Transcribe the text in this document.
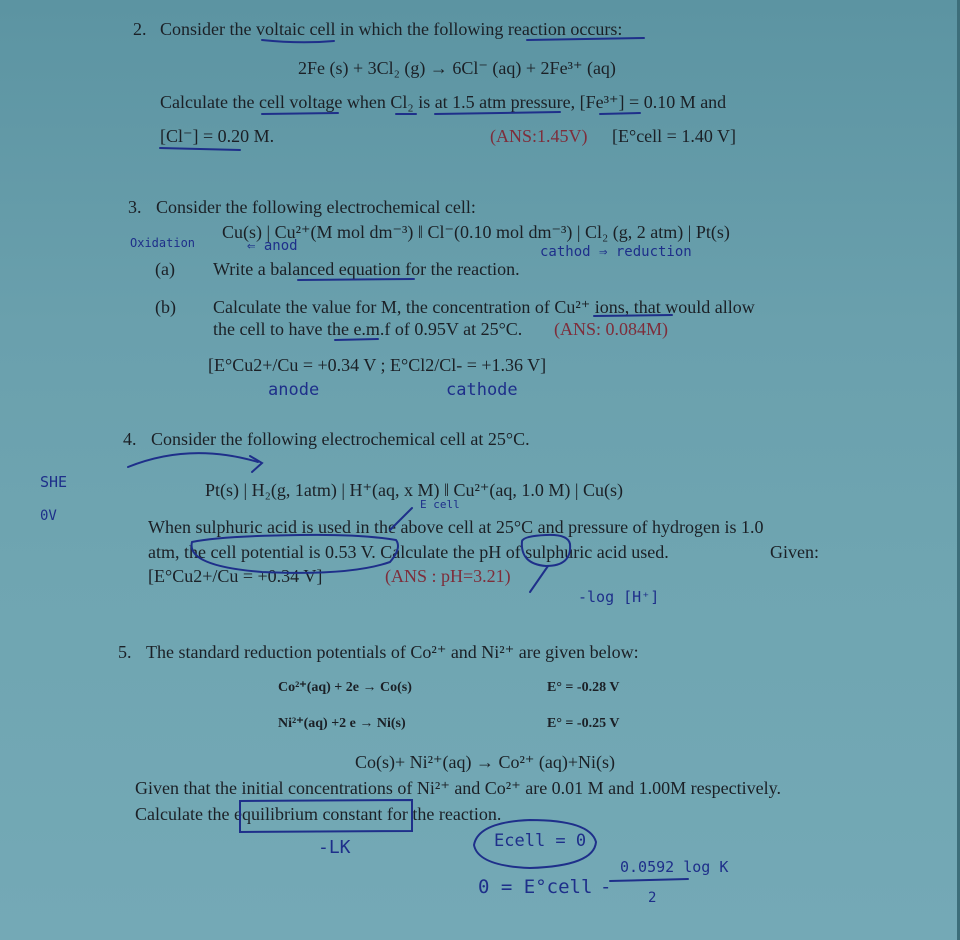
2. Consider the voltaic cell in which the following reaction occurs:
2Fe (s) + 3Cl₂ (g) → 6Cl⁻ (aq) + 2Fe³⁺ (aq)
Calculate the cell voltage when Cl₂ is at 1.5 atm pressure, [Fe³⁺] = 0.10 M and
[Cl⁻] = 0.20 M.	(ANS:1.45V) [E°cell = 1.40 V]
3. Consider the following electrochemical cell:
Oxidation
Cu(s) | Cu²⁺(M mol dm⁻³) ‖ Cl⁻(0.10 mol dm⁻³) | Cl₂ (g, 2 atm) | Pt(s)
⇐ anod	cathod ⇒ reduction
(a) Write a balanced equation for the reaction.
(b) Calculate the value for M, the concentration of Cu²⁺ ions, that would allow
the cell to have the e.m.f of 0.95V at 25°C. (ANS: 0.084M)
[E°Cu2+/Cu = +0.34 V ; E°Cl2/Cl- = +1.36 V]
anode	cathode
4. Consider the following electrochemical cell at 25°C.
SHE
0V
Pt(s) | H₂(g, 1atm) | H⁺(aq, x M) ‖ Cu²⁺(aq, 1.0 M) | Cu(s)
E cell
When sulphuric acid is used in the above cell at 25°C and pressure of hydrogen is 1.0
atm, the cell potential is 0.53 V. Calculate the pH of sulphuric acid used.	Given:
[E°Cu2+/Cu = +0.34 V]	(ANS : pH=3.21)
-log [H⁺]
5. The standard reduction potentials of Co²⁺ and Ni²⁺ are given below:
Co²⁺(aq) + 2e → Co(s)	E° = -0.28 V
Ni²⁺(aq) +2 e → Ni(s)	E° = -0.25 V
Co(s)+ Ni²⁺(aq) → Co²⁺ (aq)+Ni(s)
Given that the initial concentrations of Ni²⁺ and Co²⁺ are 0.01 M and 1.00M respectively.
Calculate the equilibrium constant for the reaction.
-LK	Ecell = 0
0 = E°cell -
0.0592 log K
2
